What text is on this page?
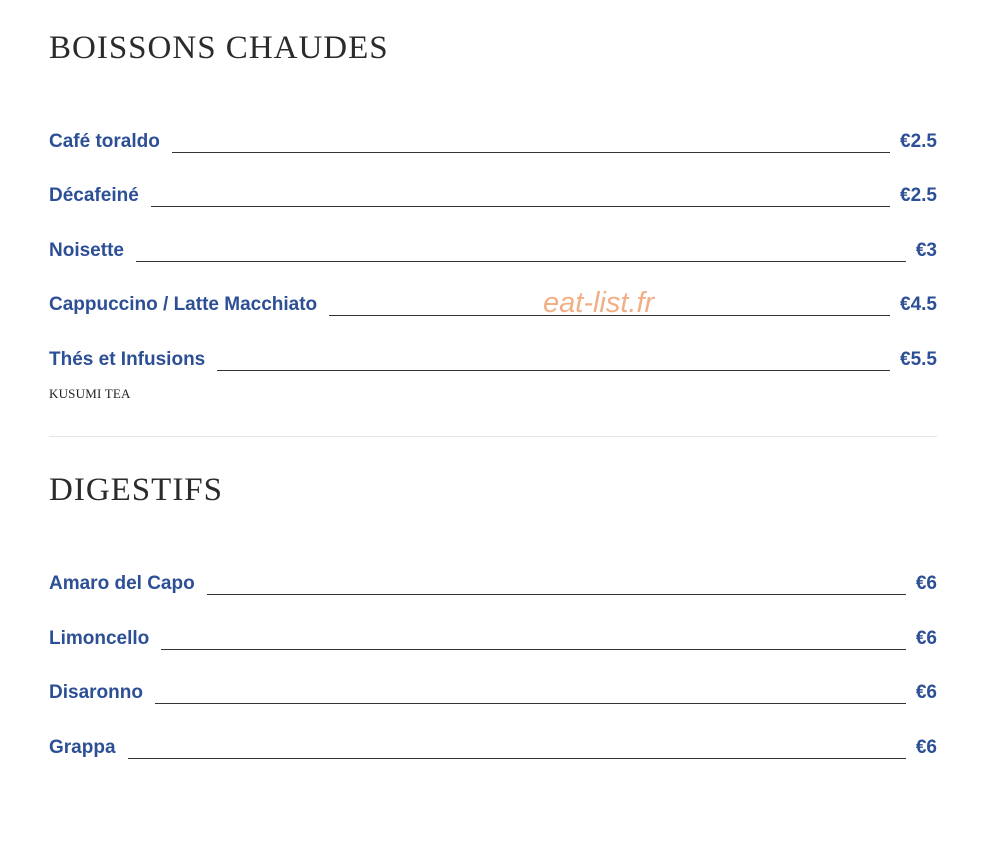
BOISSONS CHAUDES
Café toraldo	€2.5
Décafeiné	€2.5
Noisette	€3
Cappuccino / Latte Macchiato	€4.5
Thés et Infusions	€5.5
KUSUMI TEA
DIGESTIFS
Amaro del Capo	€6
Limoncello	€6
Disaronno	€6
Grappa	€6
eat-list.fr
